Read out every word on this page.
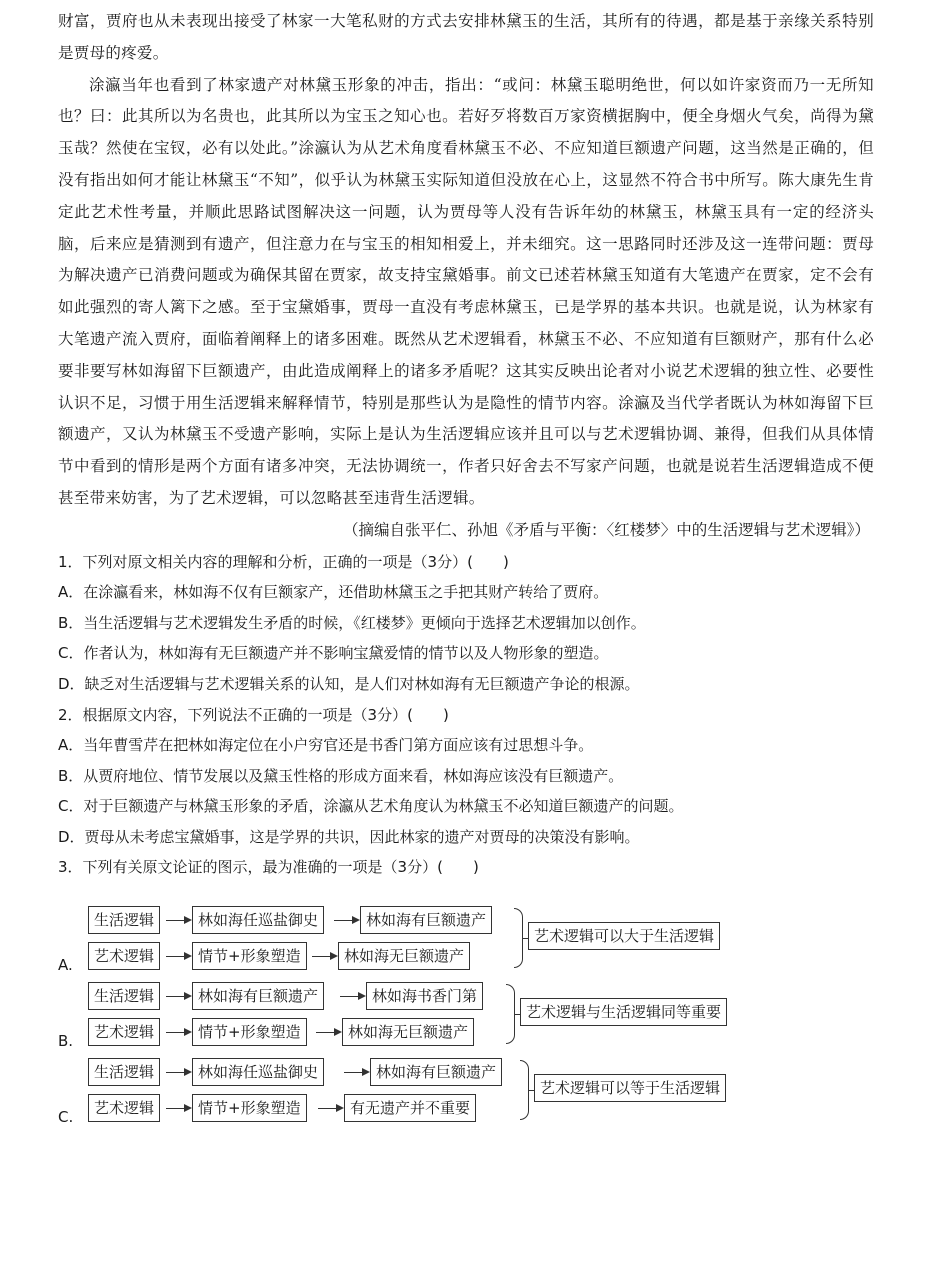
财富，贾府也从未表现出接受了林家一大笔私财的方式去安排林黛玉的生活，其所有的待遇，都是基于亲缘关系特别是贾母的疼爱。

涂瀛当年也看到了林家遗产对林黛玉形象的冲击，指出：“或问：林黛玉聪明绝世，何以如许家资而乃一无所知也？曰：此其所以为名贵也，此其所以为宝玉之知心也。若好歹将数百万家资横据胸中，便全身烟火气矣，尚得为黛玉哉？然使在宝钗，必有以处此。”涂瀛认为从艺术角度看林黛玉不必、不应知道巨额遗产问题，这当然是正确的，但没有指出如何才能让林黛玉“不知”，似乎认为林黛玉实际知道但没放在心上，这显然不符合书中所写。陈大康先生肯定此艺术性考量，并顺此思路试图解决这一问题，认为贾母等人没有告诉年幼的林黛玉，林黛玉具有一定的经济头脑，后来应是猜测到有遗产，但注意力在与宝玉的相知相爱上，并未细究。这一思路同时还涉及这一连带问题：贾母为解决遗产已消费问题或为确保其留在贾家，故支持宝黛婚事。前文已述若林黛玉知道有大笔遗产在贾家，定不会有如此强烈的寄人篱下之感。至于宝黛婚事，贾母一直没有考虑林黛玉，已是学界的基本共识。也就是说，认为林家有大笔遗产流入贾府，面临着阐释上的诸多困难。既然从艺术逻辑看，林黛玉不必、不应知道有巨额财产，那有什么必要非要写林如海留下巨额遗产，由此造成阐释上的诸多矛盾呢？这其实反映出论者对小说艺术逻辑的独立性、必要性认识不足，习惯于用生活逻辑来解释情节，特别是那些认为是隐性的情节内容。涂瀛及当代学者既认为林如海留下巨额遗产，又认为林黛玉不受遗产影响，实际上是认为生活逻辑应该并且可以与艺术逻辑协调、兼得，但我们从具体情节中看到的情形是两个方面有诸多冲突，无法协调统一，作者只好舍去不写家产问题，也就是说若生活逻辑造成不便甚至带来妨害，为了艺术逻辑，可以忽略甚至违背生活逻辑。

（摘编自张平仁、孙旭《矛盾与平衡：〈红楼梦〉中的生活逻辑与艺术逻辑》）

1．下列对原文相关内容的理解和分析，正确的一项是（3分）(　　)

A．在涂瀛看来，林如海不仅有巨额家产，还借助林黛玉之手把其财产转给了贾府。

B．当生活逻辑与艺术逻辑发生矛盾的时候，《红楼梦》更倾向于选择艺术逻辑加以创作。

C．作者认为，林如海有无巨额遗产并不影响宝黛爱情的情节以及人物形象的塑造。

D．缺乏对生活逻辑与艺术逻辑关系的认知，是人们对林如海有无巨额遗产争论的根源。

2．根据原文内容，下列说法不正确的一项是（3分）(　　)

A．当年曹雪芹在把林如海定位在小户穷官还是书香门第方面应该有过思想斗争。

B．从贾府地位、情节发展以及黛玉性格的形成方面来看，林如海应该没有巨额遗产。

C．对于巨额遗产与林黛玉形象的矛盾，涂瀛从艺术角度认为林黛玉不必知道巨额遗产的问题。

D．贾母从未考虑宝黛婚事，这是学界的共识，因此林家的遗产对贾母的决策没有影响。

3．下列有关原文论证的图示，最为准确的一项是（3分）(　　)

A.
生活逻辑	林如海任巡盐御史	林如海有巨额遗产
艺术逻辑	情节+形象塑造	林如海无巨额遗产
艺术逻辑可以大于生活逻辑
B.
生活逻辑	林如海有巨额遗产	林如海书香门第
艺术逻辑	情节+形象塑造	林如海无巨额遗产
艺术逻辑与生活逻辑同等重要
C.
生活逻辑	林如海任巡盐御史	林如海有巨额遗产
艺术逻辑	情节+形象塑造	有无遗产并不重要
艺术逻辑可以等于生活逻辑
